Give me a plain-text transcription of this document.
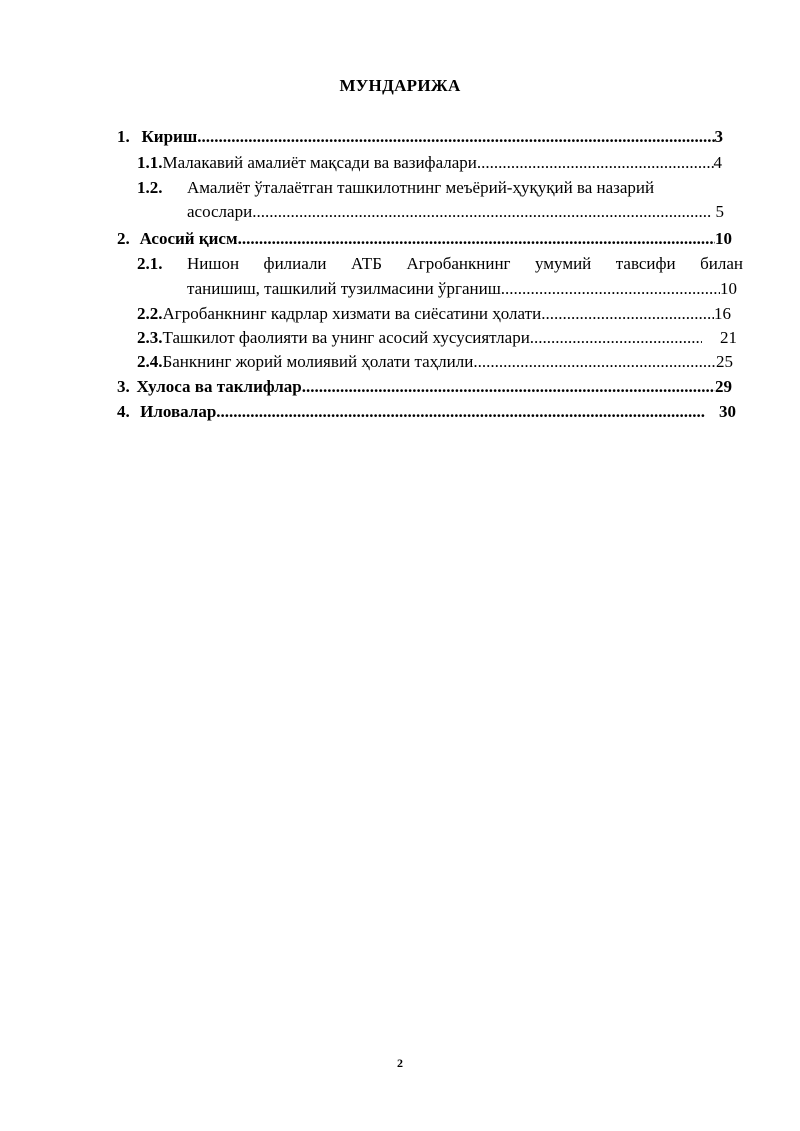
МУНДАРИЖА
1. Кириш .....	3
1.1. Малакавий амалиёт мақсади ва вазифалари .....	4
1.2.	Амалиёт ўталаётган ташкилотнинг меъёрий-ҳуқуқий ва назарий
асослари .....	5
2. Асосий қисм .....	10
2.1.	Нишон филиали АТБ Агробанкнинг умумий тавсифи билан
танишиш, ташкилий тузилмасини ўрганиш .....	10
2.2. Агробанкнинг кадрлар хизмати ва сиёсатини ҳолати .....	16
2.3. Ташкилот фаолияти ва унинг асосий хусусиятлари .....	21
2.4. Банкнинг жорий молиявий ҳолати таҳлили .....	25
3. Хулоса ва таклифлар .....	29
4. Иловалар .....	30
2
